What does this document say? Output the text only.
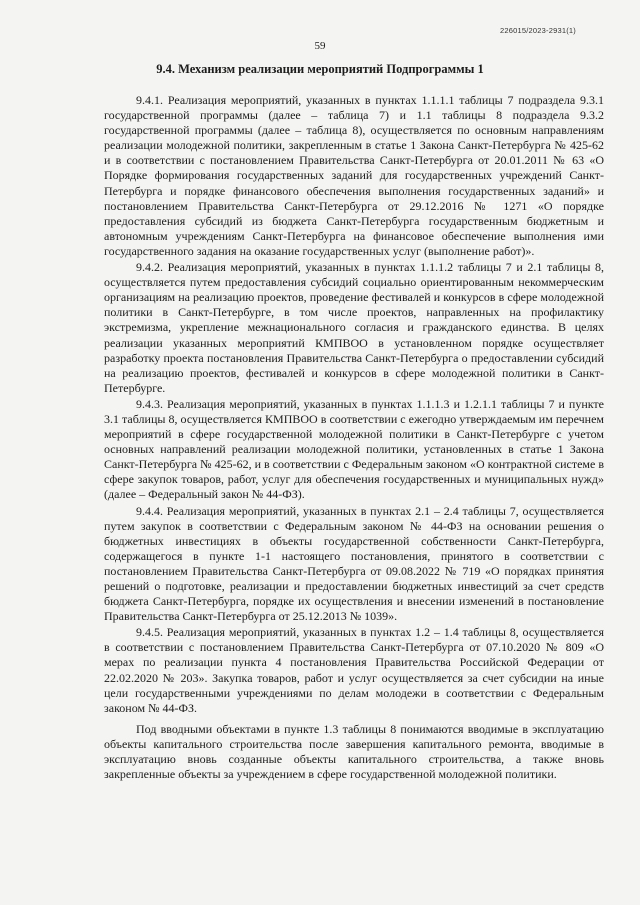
226015/2023-2931(1)
59
9.4. Механизм реализации мероприятий Подпрограммы 1

9.4.1. Реализация мероприятий, указанных в пунктах 1.1.1.1 таблицы 7 подраздела 9.3.1 государственной программы (далее – таблица 7) и 1.1 таблицы 8 подраздела 9.3.2 государственной программы (далее – таблица 8), осуществляется по основным направлениям реализации молодежной политики, закрепленным в статье 1 Закона Санкт-Петербурга № 425-62 и в соответствии с постановлением Правительства Санкт-Петербурга от 20.01.2011 № 63 «О Порядке формирования государственных заданий для государственных учреждений Санкт-Петербурга и порядке финансового обеспечения выполнения государственных заданий» и постановлением Правительства Санкт-Петербурга от 29.12.2016 № 1271 «О порядке предоставления субсидий из бюджета Санкт-Петербурга государственным бюджетным и автономным учреждениям Санкт-Петербурга на финансовое обеспечение выполнения ими государственного задания на оказание государственных услуг (выполнение работ)».

9.4.2. Реализация мероприятий, указанных в пунктах 1.1.1.2 таблицы 7 и 2.1 таблицы 8, осуществляется путем предоставления субсидий социально ориентированным некоммерческим организациям на реализацию проектов, проведение фестивалей и конкурсов в сфере молодежной политики в Санкт-Петербурге, в том числе проектов, направленных на профилактику экстремизма, укрепление межнационального согласия и гражданского единства. В целях реализации указанных мероприятий КМПВОО в установленном порядке осуществляет разработку проекта постановления Правительства Санкт-Петербурга о предоставлении субсидий на реализацию проектов, фестивалей и конкурсов в сфере молодежной политики в Санкт-Петербурге.

9.4.3. Реализация мероприятий, указанных в пунктах 1.1.1.3 и 1.2.1.1 таблицы 7 и пункте 3.1 таблицы 8, осуществляется КМПВОО в соответствии с ежегодно утверждаемым им перечнем мероприятий в сфере государственной молодежной политики в Санкт-Петербурге с учетом основных направлений реализации молодежной политики, установленных в статье 1 Закона Санкт-Петербурга № 425-62, и в соответствии с Федеральным законом «О контрактной системе в сфере закупок товаров, работ, услуг для обеспечения государственных и муниципальных нужд» (далее – Федеральный закон № 44-ФЗ).

9.4.4. Реализация мероприятий, указанных в пунктах 2.1 – 2.4 таблицы 7, осуществляется путем закупок в соответствии с Федеральным законом № 44-ФЗ на основании решения о бюджетных инвестициях в объекты государственной собственности Санкт-Петербурга, содержащегося в пункте 1-1 настоящего постановления, принятого в соответствии с постановлением Правительства Санкт-Петербурга от 09.08.2022 № 719 «О порядках принятия решений о подготовке, реализации и предоставлении бюджетных инвестиций за счет средств бюджета Санкт-Петербурга, порядке их осуществления и внесении изменений в постановление Правительства Санкт-Петербурга от 25.12.2013 № 1039».

9.4.5. Реализация мероприятий, указанных в пунктах 1.2 – 1.4 таблицы 8, осуществляется в соответствии с постановлением Правительства Санкт-Петербурга от 07.10.2020 № 809 «О мерах по реализации пункта 4 постановления Правительства Российской Федерации от 22.02.2020 № 203». Закупка товаров, работ и услуг осуществляется за счет субсидии на иные цели государственными учреждениями по делам молодежи в соответствии с Федеральным законом № 44-ФЗ.

Под вводными объектами в пункте 1.3 таблицы 8 понимаются вводимые в эксплуатацию объекты капитального строительства после завершения капитального ремонта, вводимые в эксплуатацию вновь созданные объекты капитального строительства, а также вновь закрепленные объекты за учреждением в сфере государственной молодежной политики.
